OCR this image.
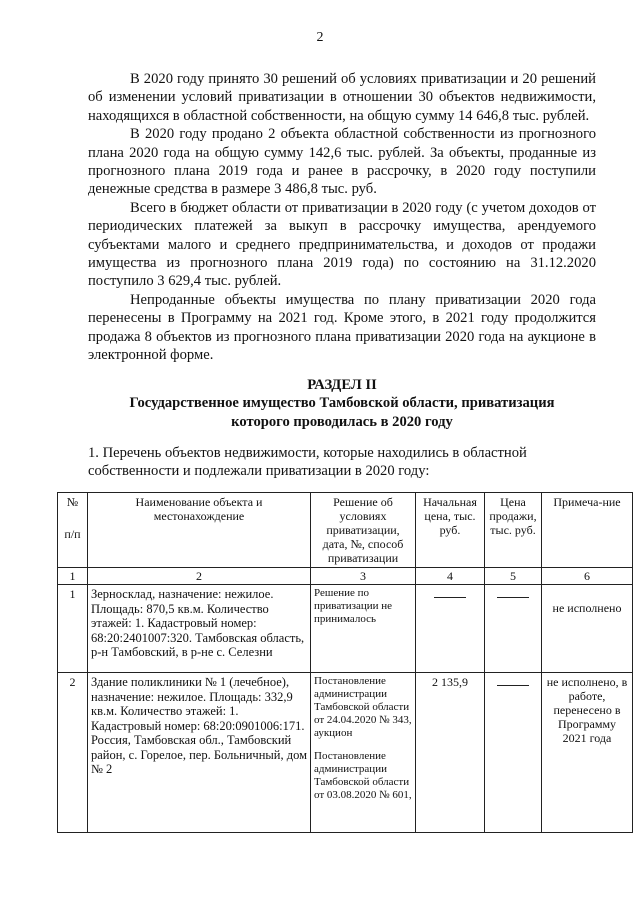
2

В 2020 году принято 30 решений об условиях приватизации и 20 решений об изменении условий приватизации в отношении 30 объектов недвижимости, находящихся в областной собственности, на общую сумму 14 646,8 тыс. рублей.

В 2020 году продано 2 объекта областной собственности из прогнозного плана 2020 года на общую сумму 142,6 тыс. рублей. За объекты, проданные из прогнозного плана 2019 года и ранее в рассрочку, в 2020 году поступили денежные средства в размере 3 486,8 тыс. руб.

Всего в бюджет области от приватизации в 2020 году (с учетом доходов от периодических платежей за выкуп в рассрочку имущества, арендуемого субъектами малого и среднего предпринимательства, и доходов от продажи имущества из прогнозного плана 2019 года) по состоянию на 31.12.2020 поступило 3 629,4 тыс. рублей.

Непроданные объекты имущества по плану приватизации 2020 года перенесены в Программу на 2021 год. Кроме этого, в 2021 году продолжится продажа 8 объектов из прогнозного плана приватизации 2020 года на аукционе в электронной форме.

РАЗДЕЛ II
Государственное имущество Тамбовской области, приватизация
которого проводилась в 2020 году
1. Перечень объектов недвижимости, которые находились в областной собственности и подлежали приватизации в 2020 году:
№
п/п	Наименование объекта и местонахождение	Решение об условиях приватизации, дата, №, способ приватизации	Начальная цена, тыс. руб.	Цена продажи, тыс. руб.	Примеча-ние
1	2	3	4	5	6
1	Зерносклад, назначение: нежилое. Площадь: 870,5 кв.м. Количество этажей: 1. Кадастровый номер: 68:20:2401007:320. Тамбовская область, р-н Тамбовский, в р-не с. Селезни	Решение по приватизации не принималось			не исполнено

2	Здание поликлиники № 1 (лечебное), назначение: нежилое. Площадь: 332,9 кв.м. Количество этажей: 1. Кадастровый номер: 68:20:0901006:171. Россия, Тамбовская обл., Тамбовский район, с. Горелое, пер. Больничный, дом № 2	Постановление администрации Тамбовской области от 24.04.2020 № 343, аукцион
Постановление администрации Тамбовской области от 03.08.2020 № 601,	2 135,9		не исполнено, в работе, перенесено в Программу 2021 года
